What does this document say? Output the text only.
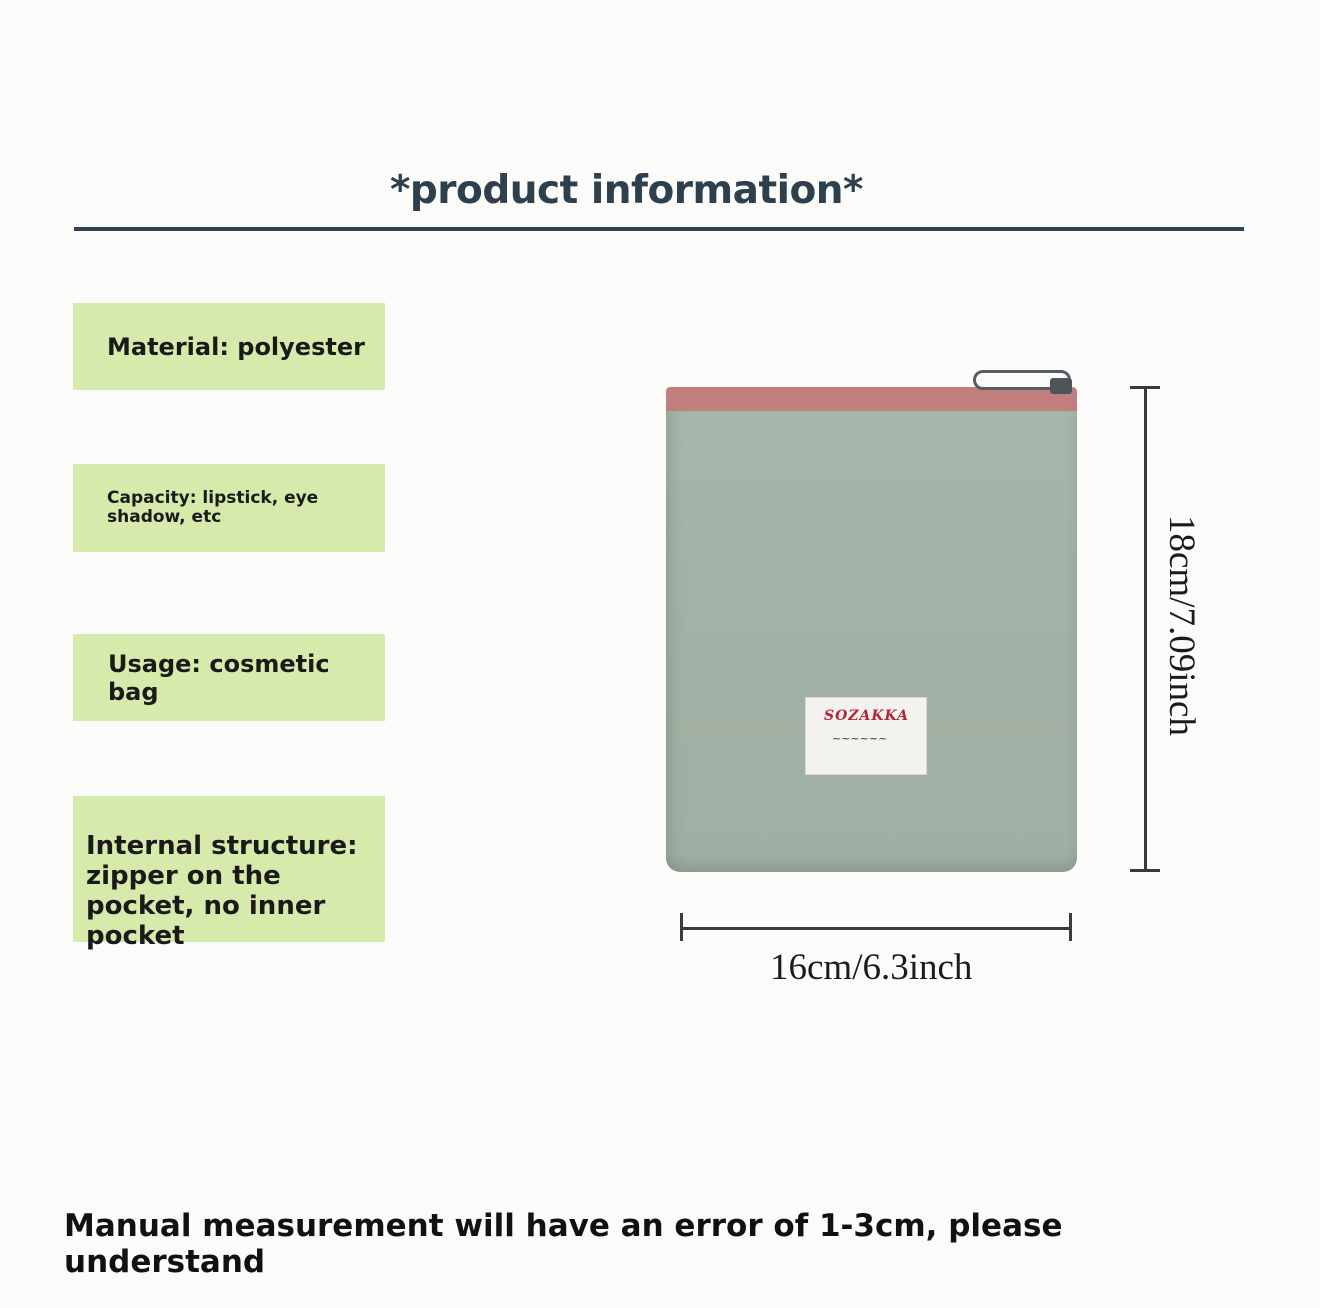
*product information*
Material: polyester
Capacity: lipstick, eye shadow, etc
Usage: cosmetic bag
Internal structure: zipper on the pocket, no inner pocket
SOZAKKA
~~~~~~
18cm/7.09inch
16cm/6.3inch
Manual measurement will have an error of 1-3cm, please understand
